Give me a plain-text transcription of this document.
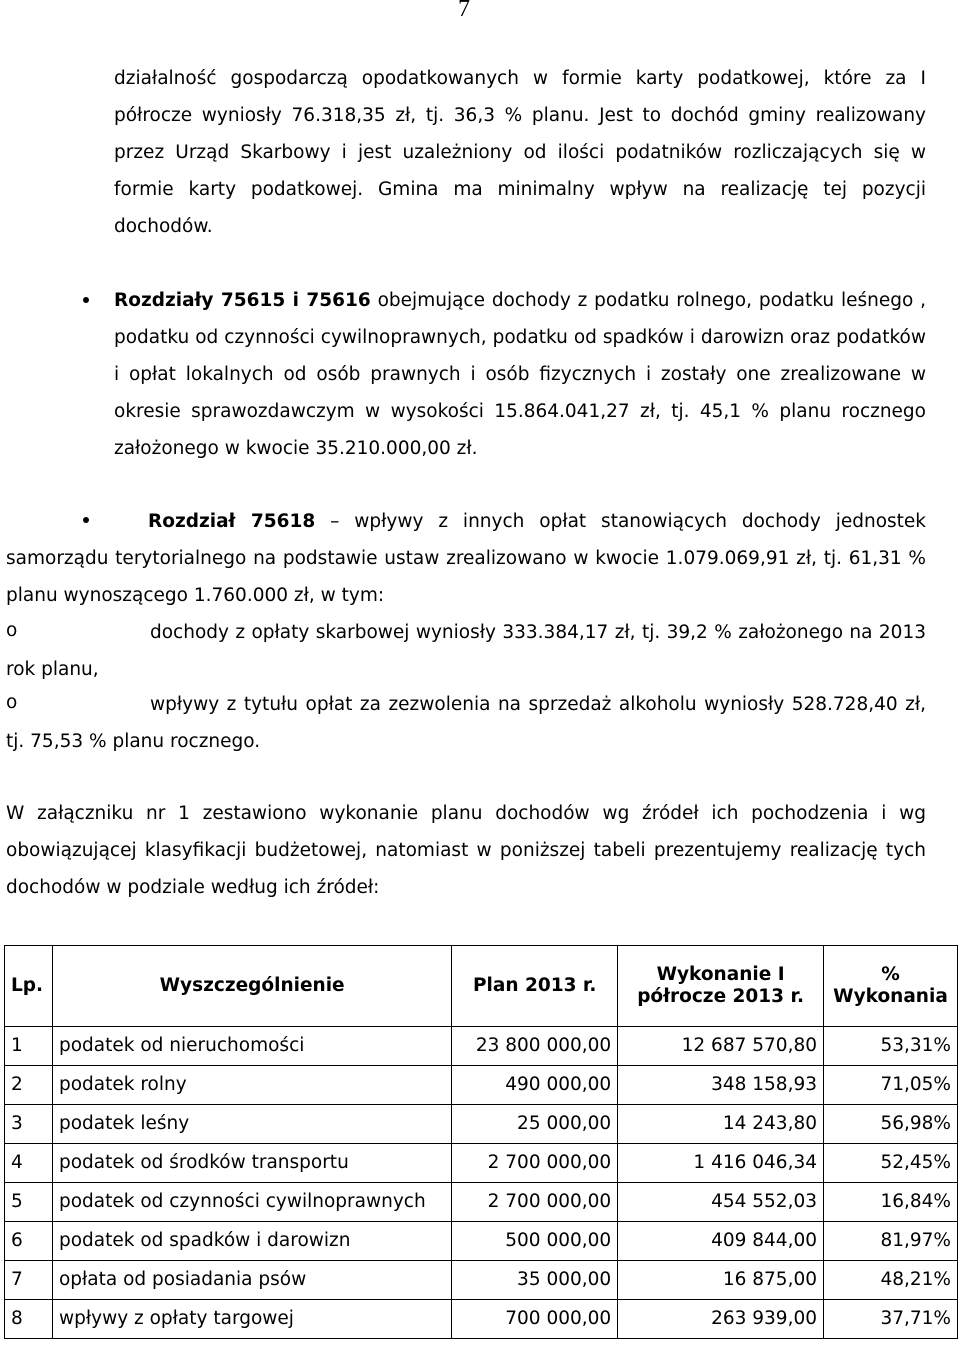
7

działalność gospodarczą opodatkowanych w formie karty podatkowej, które za I półrocze wyniosły 76.318,35 zł, tj. 36,3 % planu. Jest to dochód gminy realizowany przez Urząd Skarbowy i jest uzależniony od ilości podatników rozliczających się w formie karty podatkowej. Gmina ma minimalny wpływ na realizację tej pozycji dochodów.

Rozdziały 75615 i 75616 obejmujące dochody z podatku rolnego, podatku leśnego , podatku od czynności cywilnoprawnych, podatku od spadków i darowizn oraz podatków i opłat lokalnych od osób prawnych i osób fizycznych i zostały one zrealizowane w okresie sprawozdawczym w wysokości 15.864.041,27 zł, tj. 45,1 % planu rocznego założonego w kwocie 35.210.000,00 zł.

Rozdział 75618 – wpływy z innych opłat stanowiących dochody jednostek samorządu terytorialnego na podstawie ustaw zrealizowano w kwocie 1.079.069,91 zł, tj. 61,31 % planu wynoszącego 1.760.000 zł, w tym:

o	dochody z opłaty skarbowej wyniosły 333.384,17 zł, tj. 39,2 % założonego na 2013 rok planu,

o	wpływy z tytułu opłat za zezwolenia na sprzedaż alkoholu wyniosły 528.728,40 zł, tj. 75,53 % planu rocznego.

W załączniku nr 1 zestawiono wykonanie planu dochodów wg źródeł ich pochodzenia i wg obowiązującej klasyfikacji budżetowej, natomiast w poniższej tabeli prezentujemy realizację tych dochodów w podziale według ich źródeł:

Lp.	Wyszczególnienie	Plan 2013 r.	Wykonanie I półrocze 2013 r.	% Wykonania
1	podatek od nieruchomości	23 800 000,00	12 687 570,80	53,31%
2	podatek rolny	490 000,00	348 158,93	71,05%
3	podatek leśny	25 000,00	14 243,80	56,98%
4	podatek od środków transportu	2 700 000,00	1 416 046,34	52,45%
5	podatek od czynności cywilnoprawnych	2 700 000,00	454 552,03	16,84%
6	podatek od spadków i darowizn	500 000,00	409 844,00	81,97%
7	opłata od posiadania psów	35 000,00	16 875,00	48,21%
8	wpływy z opłaty targowej	700 000,00	263 939,00	37,71%
